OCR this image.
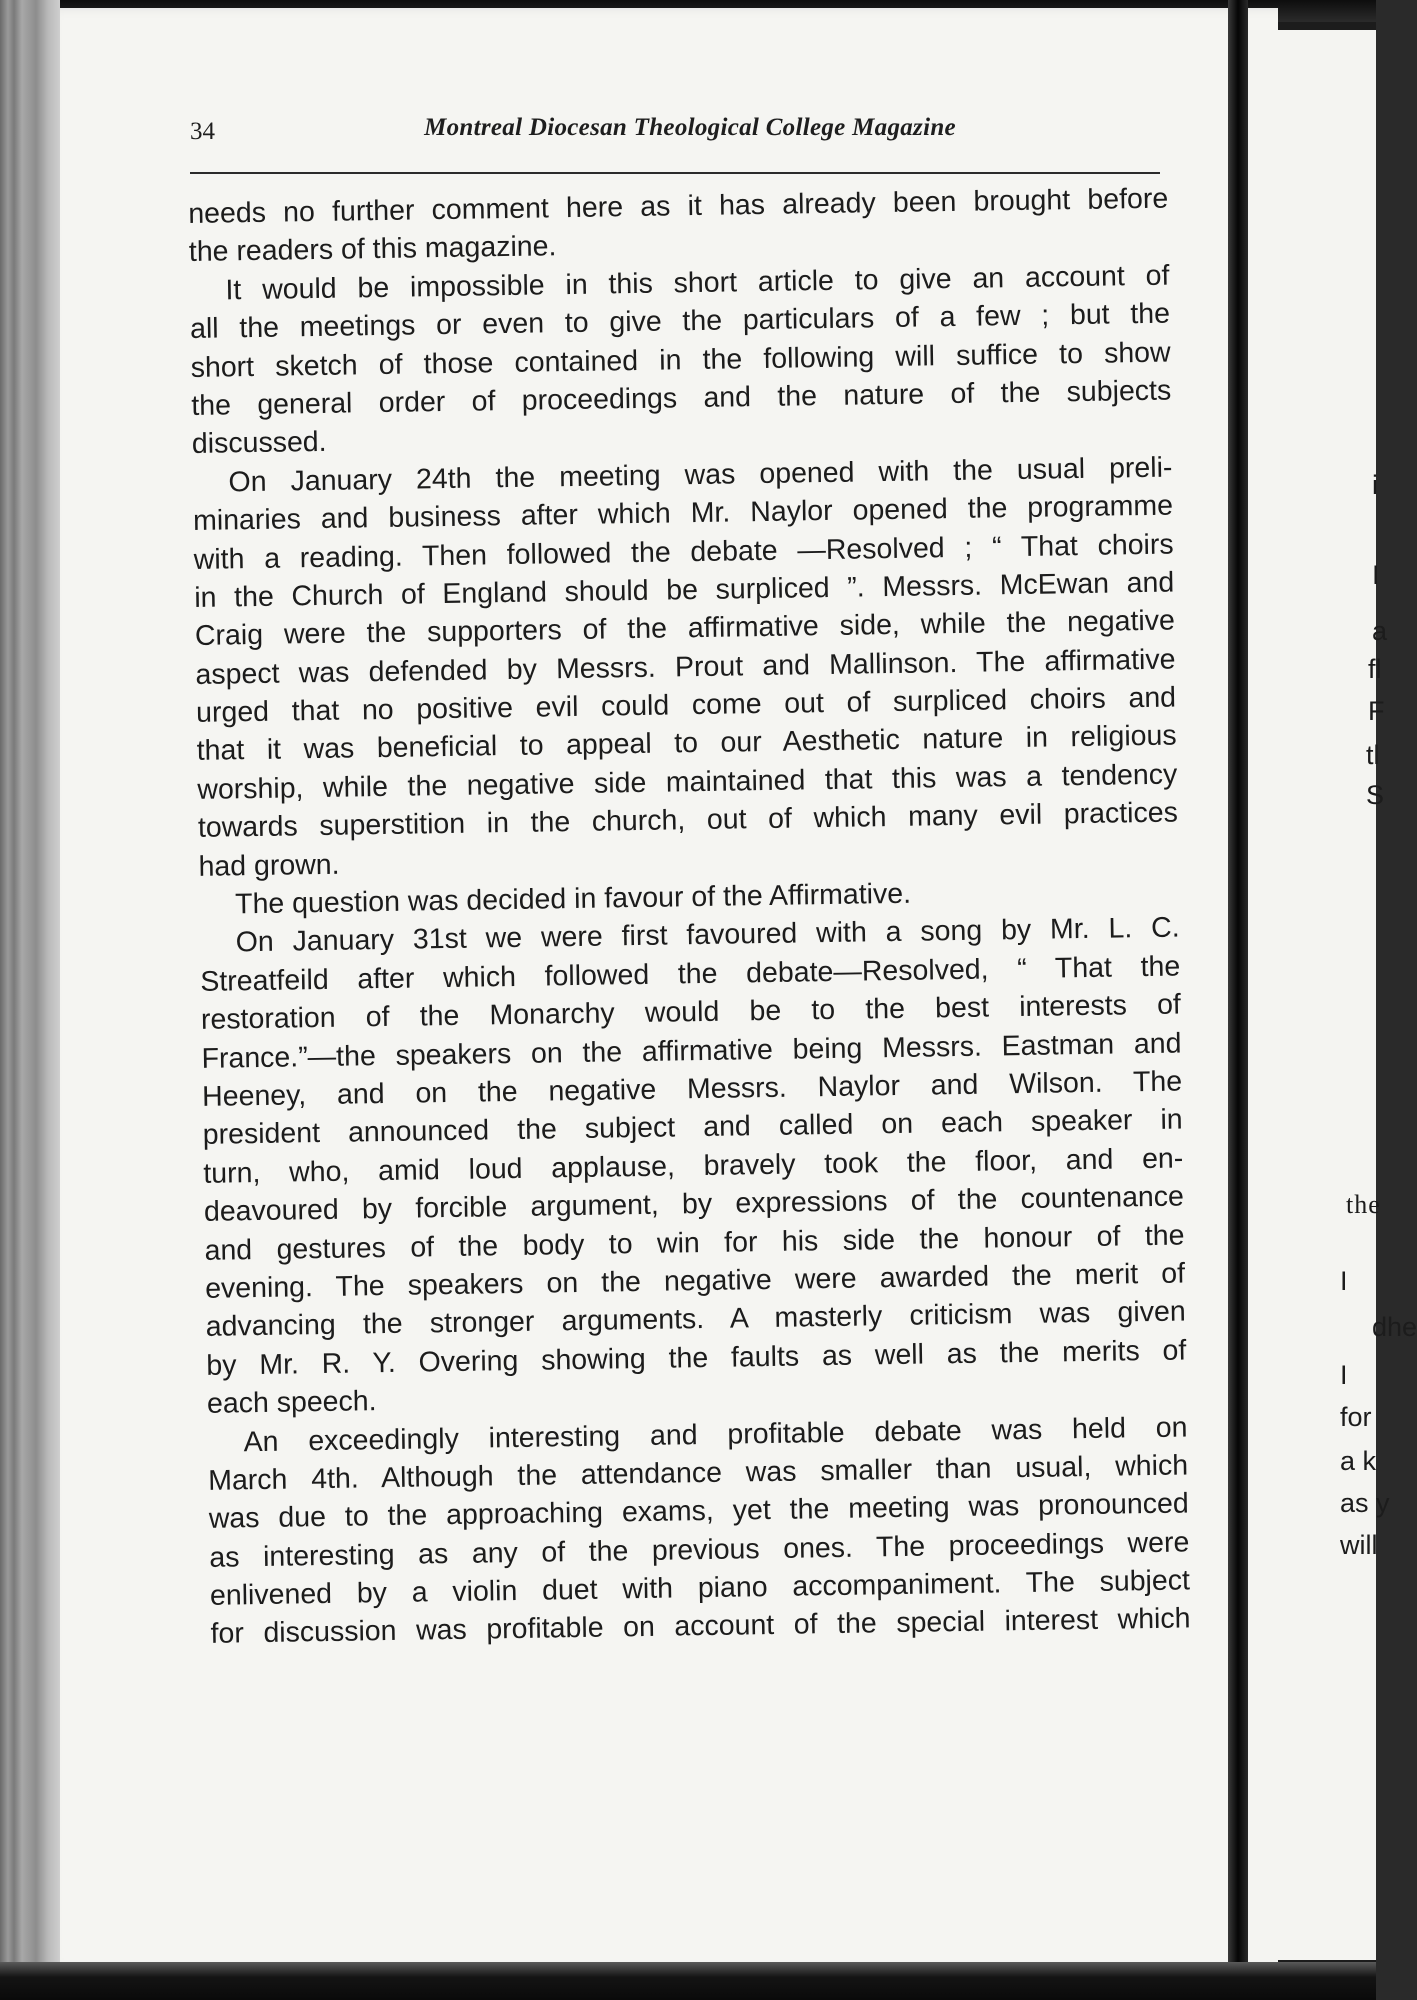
34	Montreal Diocesan Theological College Magazine
needs no further comment here as it has already been brought before
the readers of this magazine.
It would be impossible in this short article to give an account of
all the meetings or even to give the particulars of a few ; but the
short sketch of those contained in the following will suffice to show
the general order of proceedings and the nature of the subjects
discussed.
On January 24th the meeting was opened with the usual preli-
minaries and business after which Mr. Naylor opened the programme
with a reading. Then followed the debate —Resolved ; “ That choirs
in the Church of England should be surpliced ”. Messrs. McEwan and
Craig were the supporters of the affirmative side, while the negative
aspect was defended by Messrs. Prout and Mallinson. The affirmative
urged that no positive evil could come out of surpliced choirs and
that it was beneficial to appeal to our Aesthetic nature in religious
worship, while the negative side maintained that this was a tendency
towards superstition in the church, out of which many evil practices
had grown.
The question was decided in favour of the Affirmative.
On January 31st we were first favoured with a song by Mr. L. C.
Streatfeild after which followed the debate—Resolved, “ That the
restoration of the Monarchy would be to the best interests of
France.”—the speakers on the affirmative being Messrs. Eastman and
Heeney, and on the negative Messrs. Naylor and Wilson. The
president announced the subject and called on each speaker in
turn, who, amid loud applause, bravely took the floor, and en-
deavoured by forcible argument, by expressions of the countenance
and gestures of the body to win for his side the honour of the
evening. The speakers on the negative were awarded the merit of
advancing the stronger arguments. A masterly criticism was given
by Mr. R. Y. Overing showing the faults as well as the merits of
each speech.
An exceedingly interesting and profitable debate was held on
March 4th. Although the attendance was smaller than usual, which
was due to the approaching exams, yet the meeting was pronounced
as interesting as any of the previous ones. The proceedings were
enlivened by a violin duet with piano accompaniment. The subject
for discussion was profitable on account of the special interest which
i
I
a
fl
F
tl
S
the
I
dhe
I
for
a k
as y
will
